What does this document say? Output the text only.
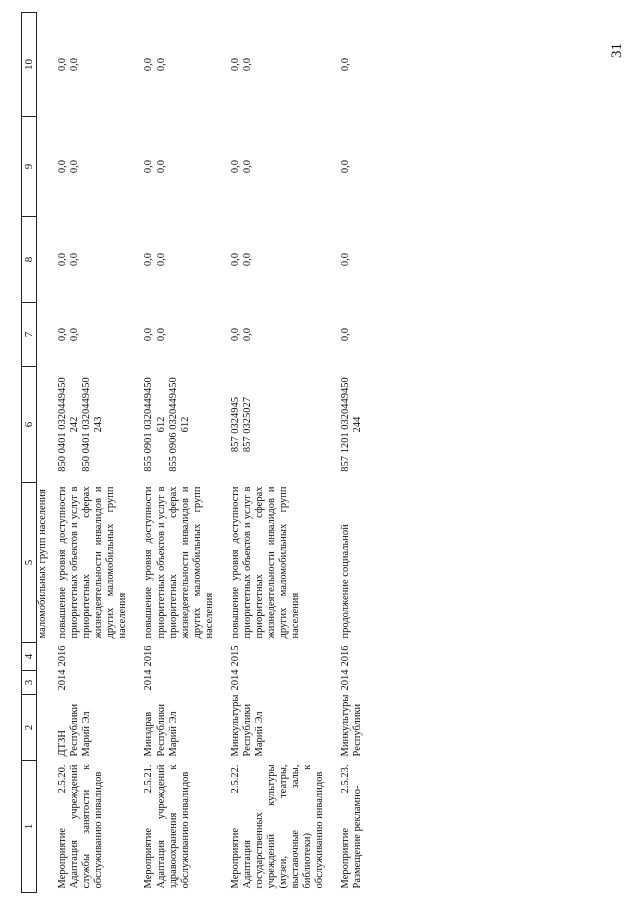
31
1	2	3	4	5	6	7	8	9	10
				маломобильных групп населения					
Мероприятие 2.5.20. Адаптация учреждений службы занятости к обслуживанию инвалидов	ДТЗН Республики Марий Эл	2014	2016	повышение уровня доступности приоритетных объектов и услуг в приоритетных сферах жизнедеятельности инвалидов и других маломобильных групп населения	850 0401 0320449450 242 850 0401 0320449450 243	0,0 0,0	0,0 0,0	0,0 0,0	0,0 0,0

Мероприятие 2.5.21. Адаптация учреждений здравоохранения к обслуживанию инвалидов	Минздрав Республики Марий Эл	2014	2016	повышение уровня доступности приоритетных объектов и услуг в приоритетных сферах жизнедеятельности инвалидов и других маломобильных групп населения	855 0901 0320449450 612 855 0906 0320449450 612	0,0 0,0	0,0 0,0	0,0 0,0	0,0 0,0

Мероприятие 2.5.22. Адаптация государственных учреждений культуры (музеи, театры, выставочные залы, библиотеки) к обслуживанию инвалидов	Минкультуры Республики Марий Эл	2014	2015	повышение уровня доступности приоритетных объектов и услуг в приоритетных сферах жизнедеятельности инвалидов и других маломобильных групп населения	857 0324945 857 0325027	0,0 0,0	0,0 0,0	0,0 0,0	0,0 0,0

Мероприятие 2.5.23. Размещение рекламно-	Минкультуры Республики	2014	2016	продолжение социальной	857 1201 0320449450 244	0,0	0,0	0,0	0,0
